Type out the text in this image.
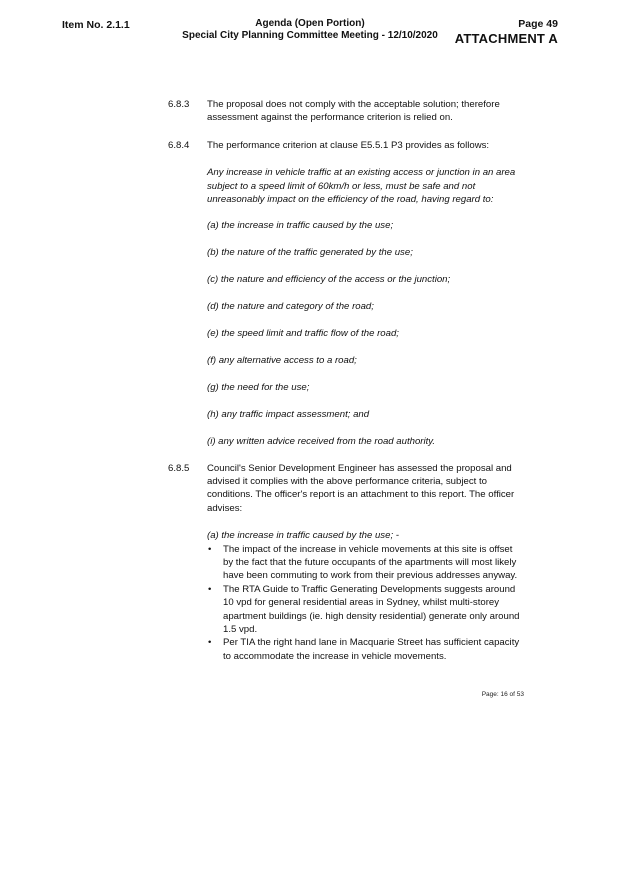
Item No. 2.1.1	Agenda (Open Portion)
Special City Planning Committee Meeting - 12/10/2020
Page 49
ATTACHMENT A
6.8.3	The proposal does not comply with the acceptable solution; therefore assessment against the performance criterion is relied on.
6.8.4	The performance criterion at clause E5.5.1 P3 provides as follows:
Any increase in vehicle traffic at an existing access or junction in an area subject to a speed limit of 60km/h or less, must be safe and not unreasonably impact on the efficiency of the road, having regard to:
(a) the increase in traffic caused by the use;
(b) the nature of the traffic generated by the use;
(c) the nature and efficiency of the access or the junction;
(d) the nature and category of the road;
(e) the speed limit and traffic flow of the road;
(f) any alternative access to a road;
(g) the need for the use;
(h) any traffic impact assessment; and
(i) any written advice received from the road authority.
6.8.5	Council's Senior Development Engineer has assessed the proposal and advised it complies with the above performance criteria, subject to conditions. The officer's report is an attachment to this report. The officer advises:
(a) the increase in traffic caused by the use; -
• The impact of the increase in vehicle movements at this site is offset by the fact that the future occupants of the apartments will most likely have been commuting to work from their previous addresses anyway.
• The RTA Guide to Traffic Generating Developments suggests around 10 vpd for general residential areas in Sydney, whilst multi-storey apartment buildings (ie. high density residential) generate only around 1.5 vpd.
• Per TIA the right hand lane in Macquarie Street has sufficient capacity to accommodate the increase in vehicle movements.
Page: 16 of 53
